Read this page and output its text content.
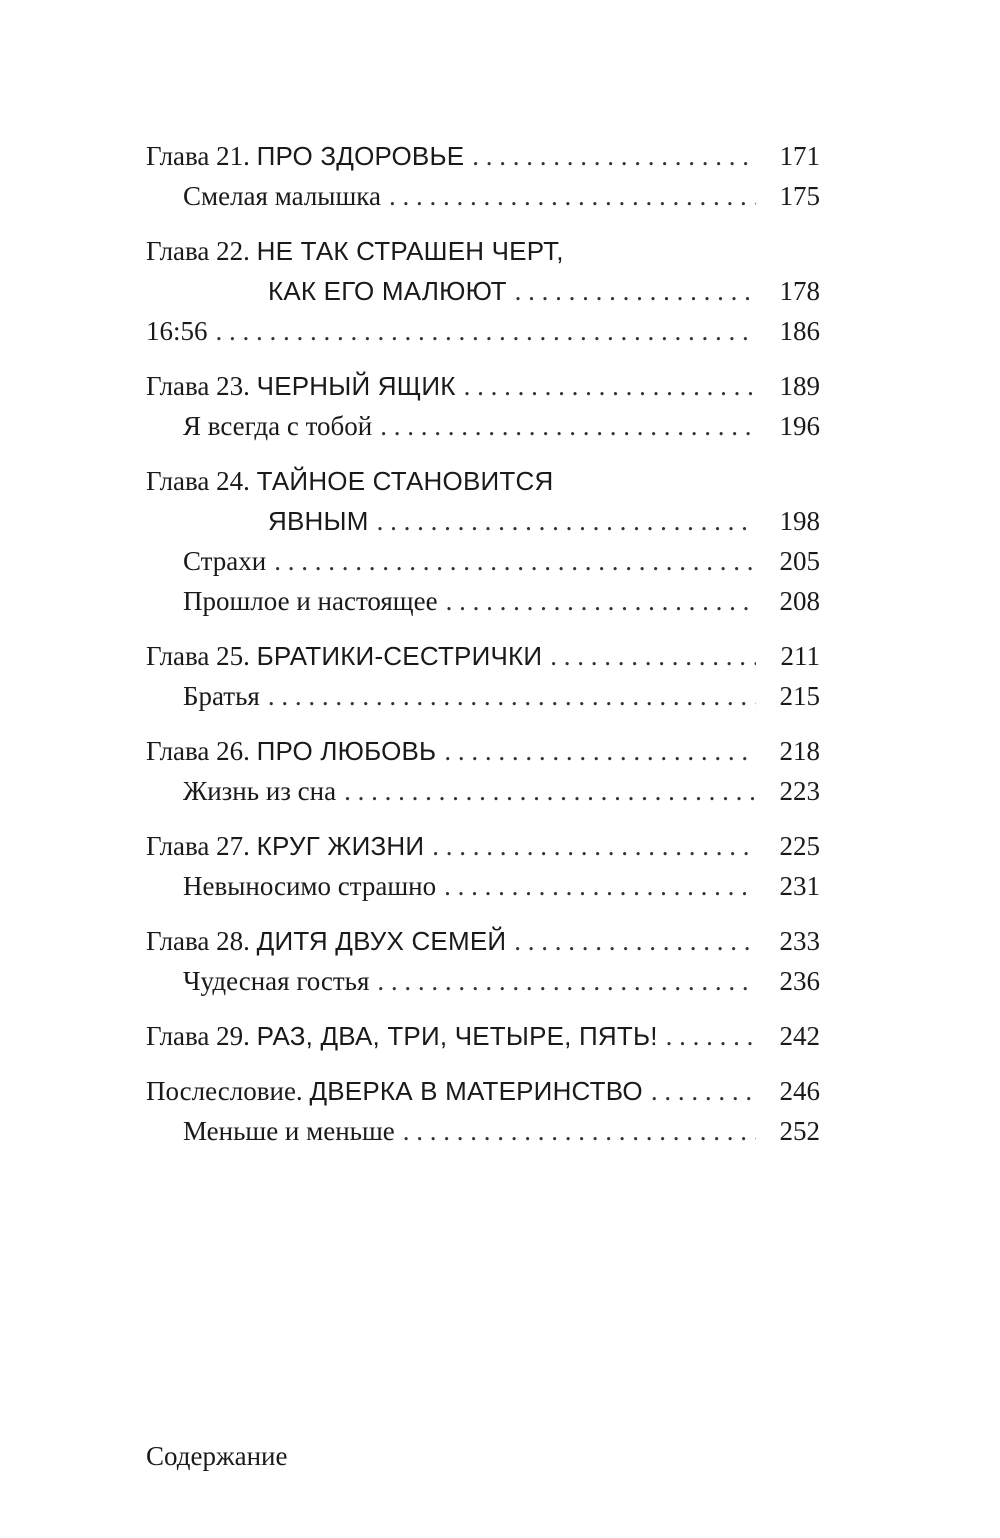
Глава 21. ПРО ЗДОРОВЬЕ . . .	171
Смелая малышка . . .	175
Глава 22. НЕ ТАК СТРАШЕН ЧЕРТ,
КАК ЕГО МАЛЮЮТ . . .	178
16:56 . . .	186
Глава 23. ЧЕРНЫЙ ЯЩИК . . .	189
Я всегда с тобой . . .	196
Глава 24. ТАЙНОЕ СТАНОВИТСЯ
ЯВНЫМ . . .	198
Страхи . . .	205
Прошлое и настоящее . . .	208
Глава 25. БРАТИКИ-СЕСТРИЧКИ . . .	211
Братья . . .	215
Глава 26. ПРО ЛЮБОВЬ . . .	218
Жизнь из сна . . .	223
Глава 27. КРУГ ЖИЗНИ . . .	225
Невыносимо страшно . . .	231
Глава 28. ДИТЯ ДВУХ СЕМЕЙ . . .	233
Чудесная гостья . . .	236
Глава 29. РАЗ, ДВА, ТРИ, ЧЕТЫРЕ, ПЯТЬ! . . .	242
Послесловие. ДВЕРКА В МАТЕРИНСТВО . . .	246
Меньше и меньше . . .	252
Содержание
